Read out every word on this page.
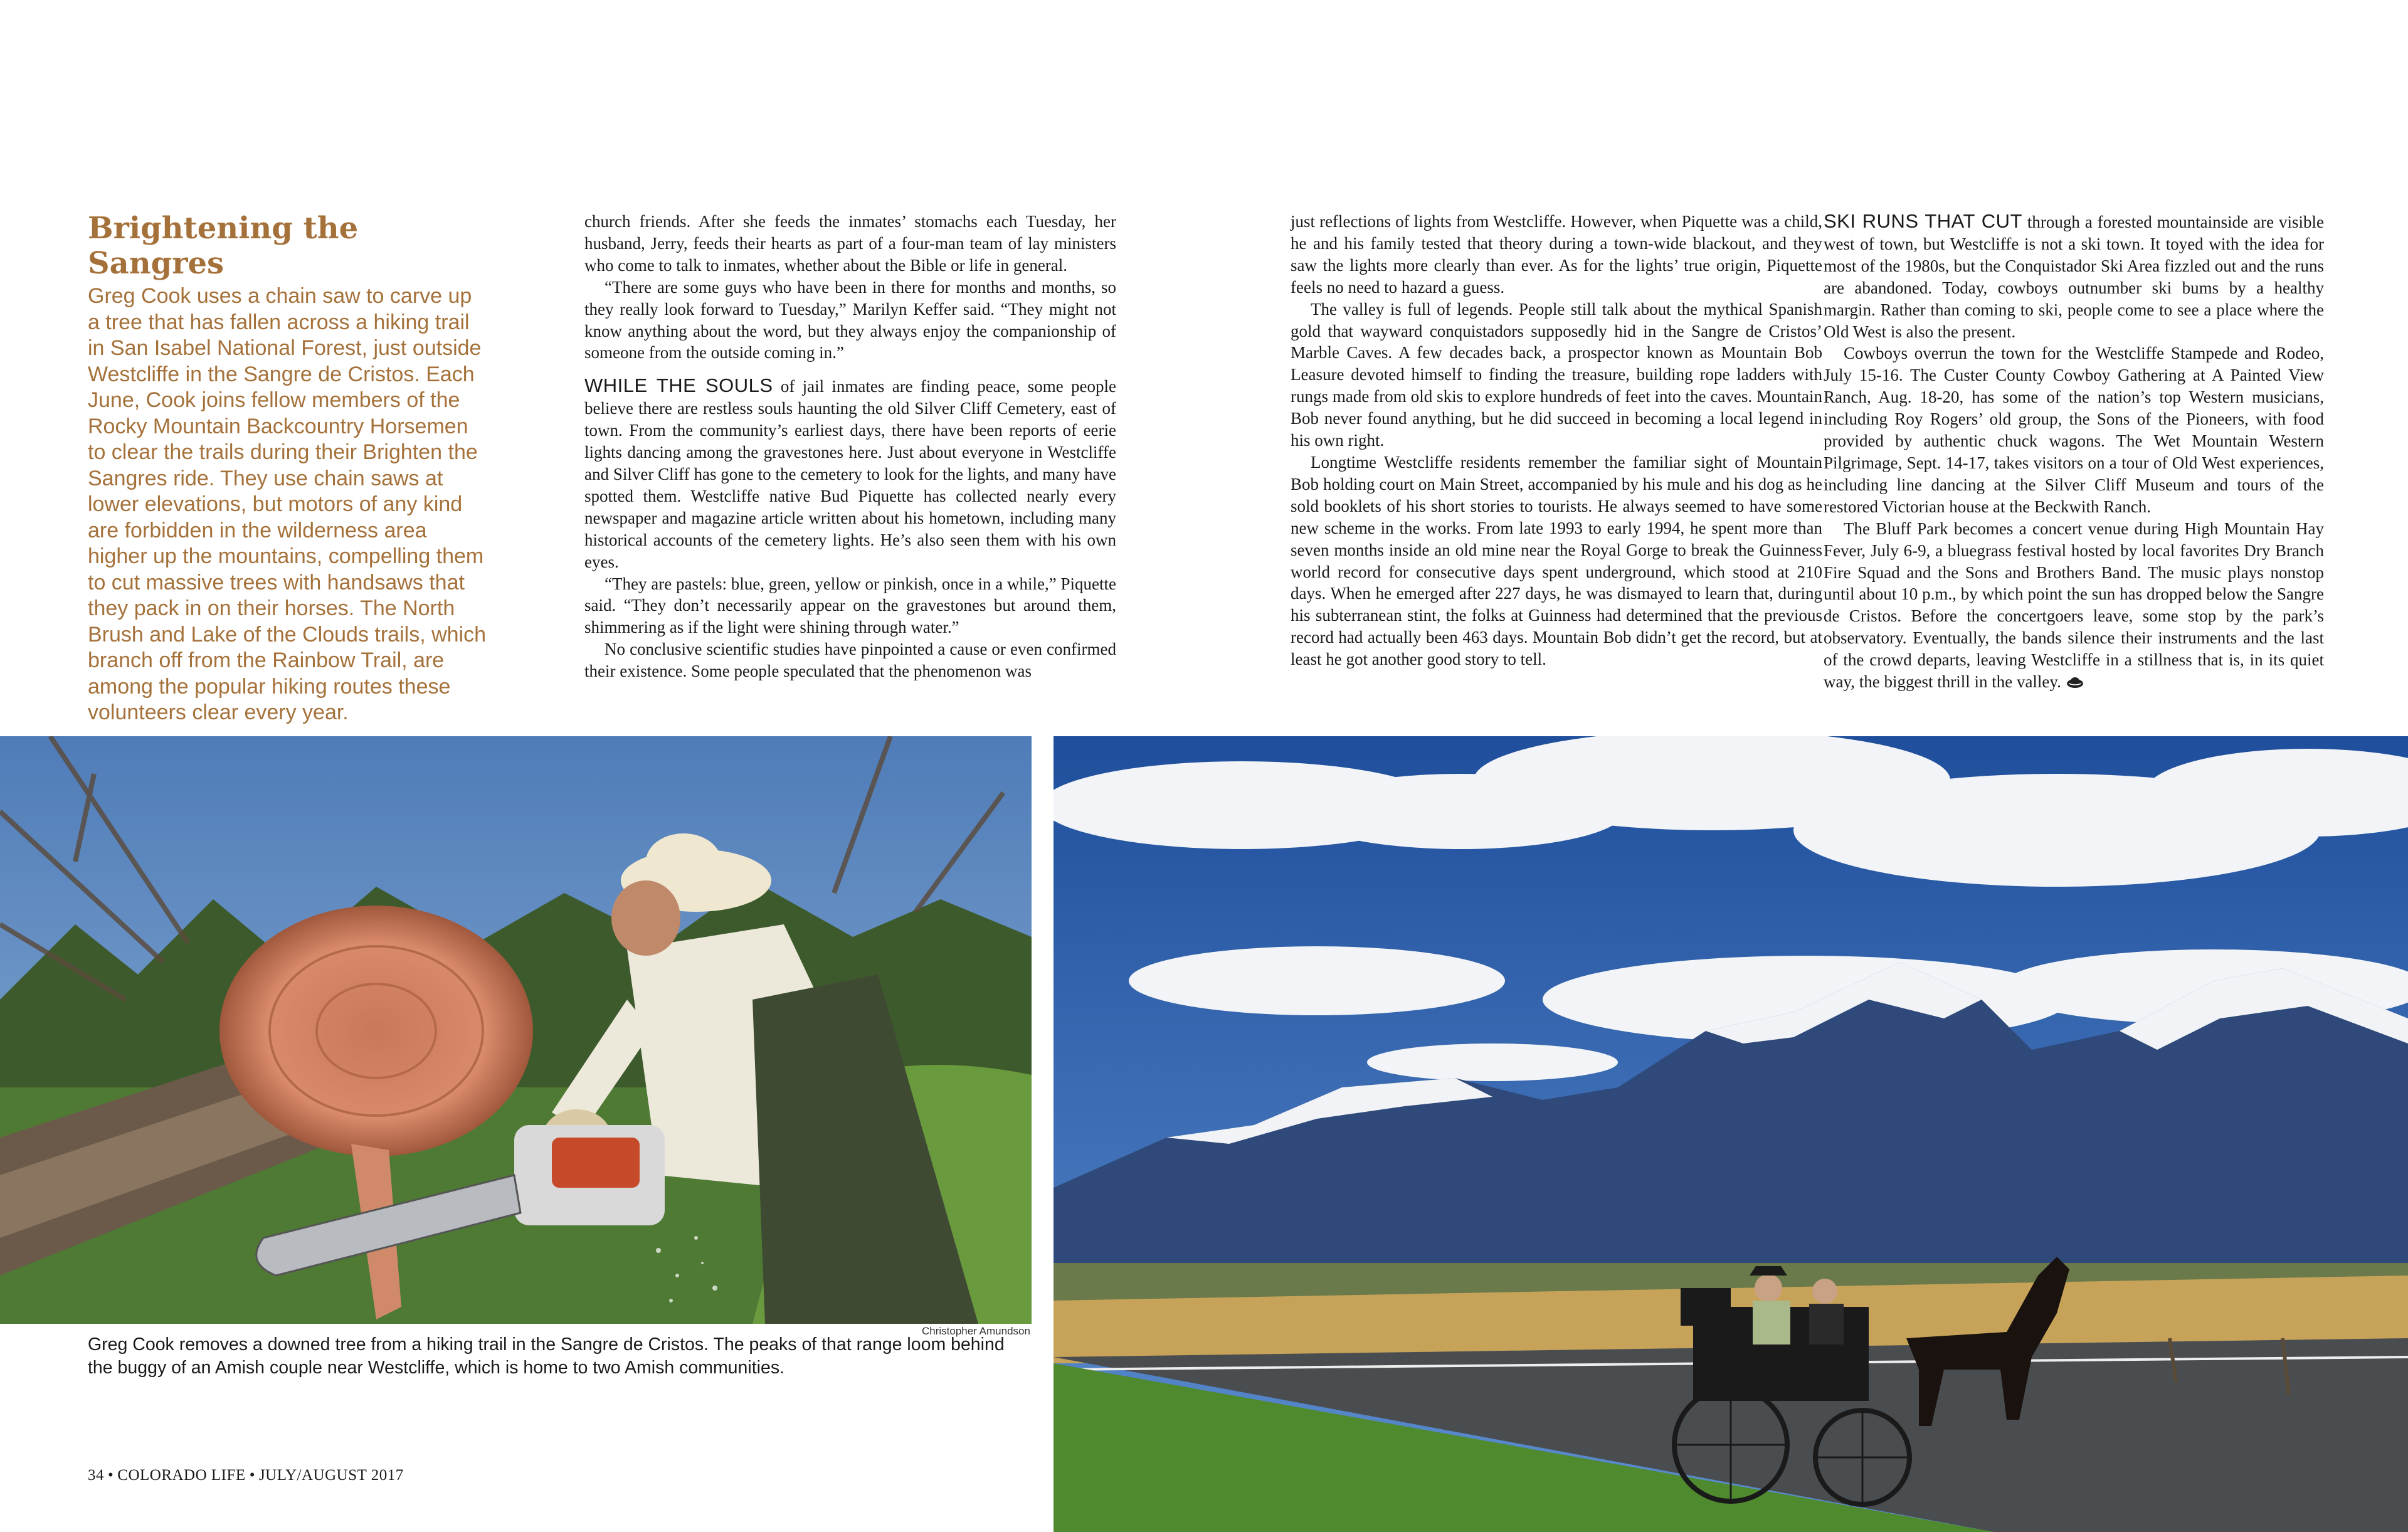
Brightening the Sangres

Greg Cook uses a chain saw to carve up a tree that has fallen across a hiking trail in San Isabel National Forest, just outside Westcliffe in the Sangre de Cristos. Each June, Cook joins fellow members of the Rocky Mountain Backcountry Horsemen to clear the trails during their Brighten the Sangres ride. They use chain saws at lower elevations, but motors of any kind are forbidden in the wilderness area higher up the mountains, compelling them to cut massive trees with handsaws that they pack in on their horses. The North Brush and Lake of the Clouds trails, which branch off from the Rainbow Trail, are among the popular hiking routes these volunteers clear every year.

church friends. After she feeds the inmates’ stomachs each Tuesday, her husband, Jerry, feeds their hearts as part of a four-man team of lay ministers who come to talk to inmates, whether about the Bible or life in general.

“There are some guys who have been in there for months and months, so they really look forward to Tuesday,” Marilyn Keffer said. “They might not know anything about the word, but they always enjoy the companionship of someone from the outside coming in.”

WHILE THE SOULS of jail inmates are finding peace, some people believe there are restless souls haunting the old Silver Cliff Cemetery, east of town. From the community’s earliest days, there have been reports of eerie lights dancing among the gravestones here. Just about everyone in Westcliffe and Silver Cliff has gone to the cemetery to look for the lights, and many have spotted them. Westcliffe native Bud Piquette has collected nearly every newspaper and magazine article written about his hometown, including many historical accounts of the cemetery lights. He’s also seen them with his own eyes.

“They are pastels: blue, green, yellow or pinkish, once in a while,” Piquette said. “They don’t necessarily appear on the gravestones but around them, shimmering as if the light were shining through water.”

No conclusive scientific studies have pinpointed a cause or even confirmed their existence. Some people speculated that the phenomenon was

just reflections of lights from Westcliffe. However, when Piquette was a child, he and his family tested that theory during a town-wide blackout, and they saw the lights more clearly than ever. As for the lights’ true origin, Piquette feels no need to hazard a guess.

The valley is full of legends. People still talk about the mythical Spanish gold that wayward conquistadors supposedly hid in the Sangre de Cristos’ Marble Caves. A few decades back, a prospector known as Mountain Bob Leasure devoted himself to finding the treasure, building rope ladders with rungs made from old skis to explore hundreds of feet into the caves. Mountain Bob never found anything, but he did succeed in becoming a local legend in his own right.

Longtime Westcliffe residents remember the familiar sight of Mountain Bob holding court on Main Street, accompanied by his mule and his dog as he sold booklets of his short stories to tourists. He always seemed to have some new scheme in the works. From late 1993 to early 1994, he spent more than seven months inside an old mine near the Royal Gorge to break the Guinness world record for consecutive days spent underground, which stood at 210 days. When he emerged after 227 days, he was dismayed to learn that, during his subterranean stint, the folks at Guinness had determined that the previous record had actually been 463 days. Mountain Bob didn’t get the record, but at least he got another good story to tell.

SKI RUNS THAT CUT through a forested mountainside are visible west of town, but Westcliffe is not a ski town. It toyed with the idea for most of the 1980s, but the Conquistador Ski Area fizzled out and the runs are abandoned. Today, cowboys outnumber ski bums by a healthy margin. Rather than coming to ski, people come to see a place where the Old West is also the present.

Cowboys overrun the town for the Westcliffe Stampede and Rodeo, July 15-16. The Custer County Cowboy Gathering at A Painted View Ranch, Aug. 18-20, has some of the nation’s top Western musicians, including Roy Rogers’ old group, the Sons of the Pioneers, with food provided by authentic chuck wagons. The Wet Mountain Western Pilgrimage, Sept. 14-17, takes visitors on a tour of Old West experiences, including line dancing at the Silver Cliff Museum and tours of the restored Victorian house at the Beckwith Ranch.

The Bluff Park becomes a concert venue during High Mountain Hay Fever, July 6-9, a bluegrass festival hosted by local favorites Dry Branch Fire Squad and the Sons and Brothers Band. The music plays nonstop until about 10 p.m., by which point the sun has dropped below the Sangre de Cristos. Before the concertgoers leave, some stop by the park’s observatory. Eventually, the bands silence their instruments and the last of the crowd departs, leaving Westcliffe in a stillness that is, in its quiet way, the biggest thrill in the valley.

Christopher Amundson
Greg Cook removes a downed tree from a hiking trail in the Sangre de Cristos. The peaks of that range loom behind the buggy of an Amish couple near Westcliffe, which is home to two Amish communities.
34 • COLORADO LIFE • JULY/AUGUST 2017
